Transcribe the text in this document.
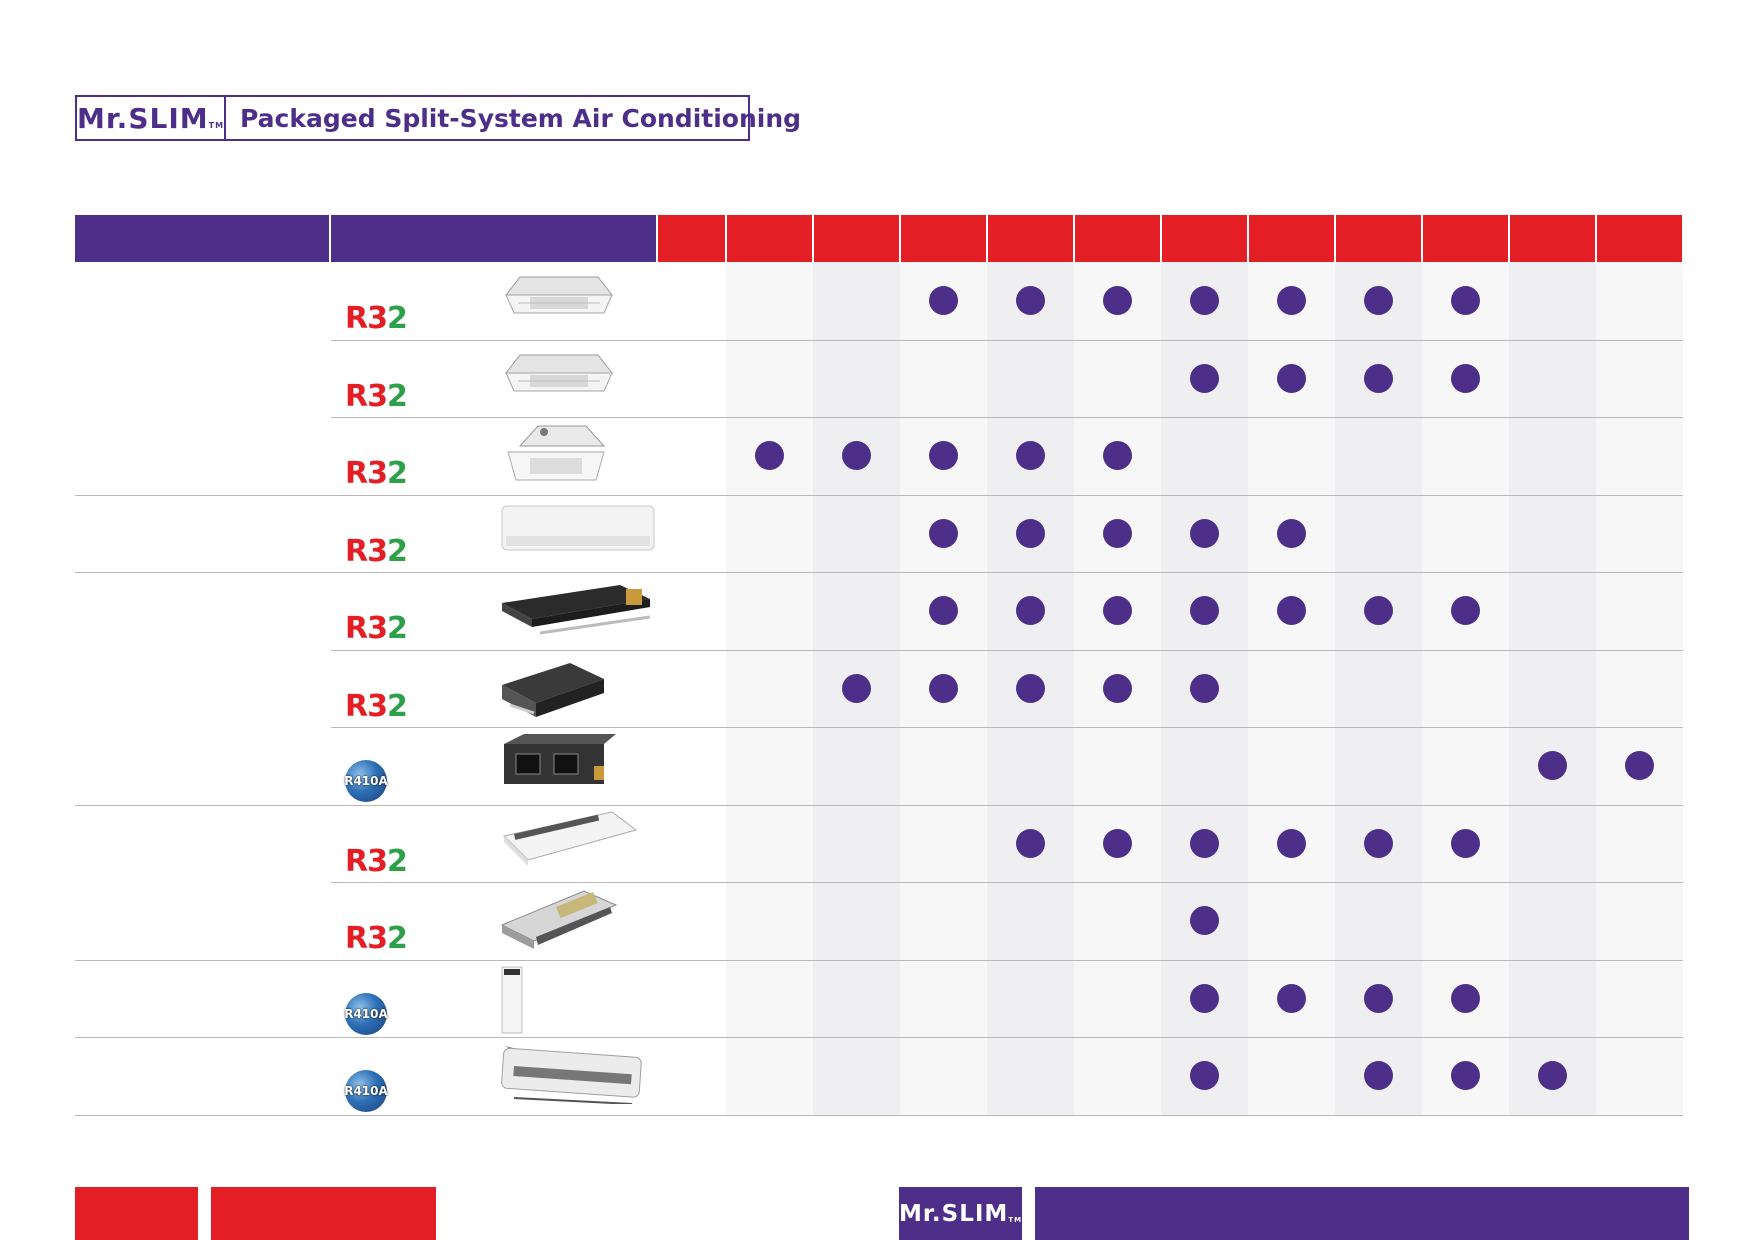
$Mr.SLIM_{TM}$ Packaged Split-System Air Conditioning
R32
R32
R32
R32
R32
R32
R410A
R32
R32
R410A
R410A
$Mr.SLIM_{TM}$
